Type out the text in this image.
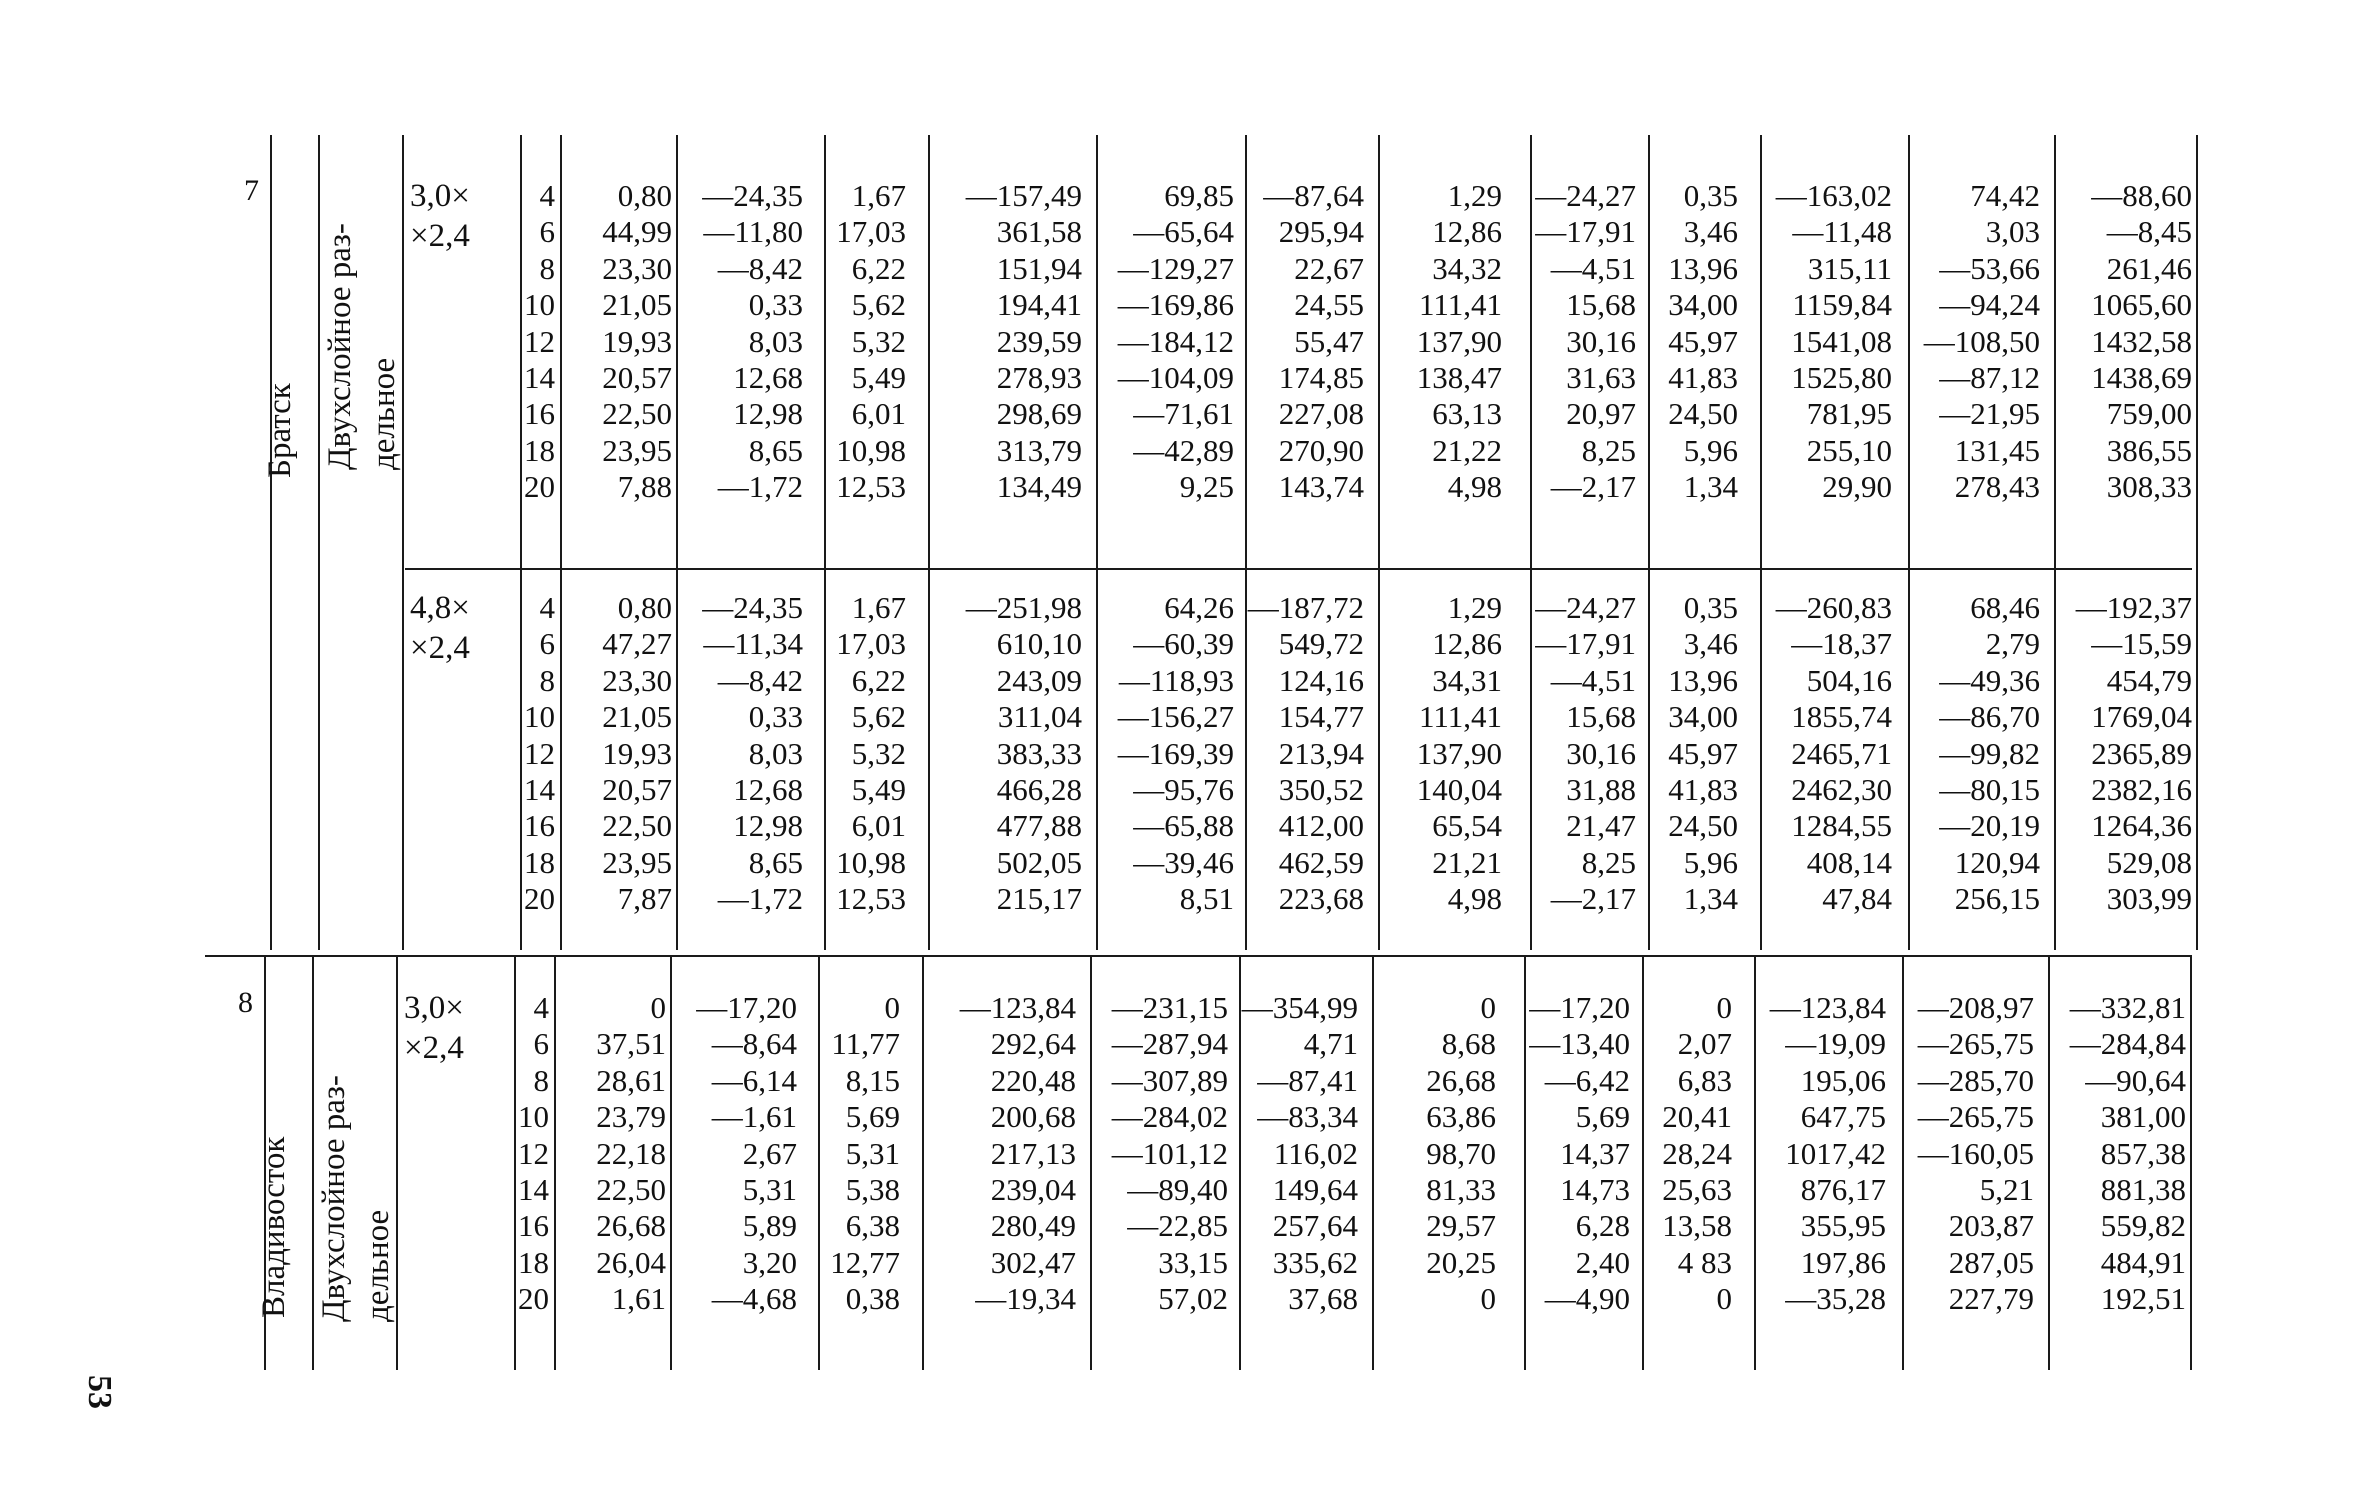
53
7
Братск Двухслойное раз- дельное
3,0×
×2,4
4
6
8
10
12
14
16
18
20
0,80
44,99
23,30
21,05
19,93
20,57
22,50
23,95
7,88
—24,35
—11,80
—8,42
0,33
8,03
12,68
12,98
8,65
—1,72
1,67
17,03
6,22
5,62
5,32
5,49
6,01
10,98
12,53
—157,49
361,58
151,94
194,41
239,59
278,93
298,69
313,79
134,49
69,85
—65,64
—129,27
—169,86
—184,12
—104,09
—71,61
—42,89
9,25
—87,64
295,94
22,67
24,55
55,47
174,85
227,08
270,90
143,74
1,29
12,86
34,32
111,41
137,90
138,47
63,13
21,22
4,98
—24,27
—17,91
—4,51
15,68
30,16
31,63
20,97
8,25
—2,17
0,35
3,46
13,96
34,00
45,97
41,83
24,50
5,96
1,34
—163,02
—11,48
315,11
1159,84
1541,08
1525,80
781,95
255,10
29,90
74,42
3,03
—53,66
—94,24
—108,50
—87,12
—21,95
131,45
278,43
—88,60
—8,45
261,46
1065,60
1432,58
1438,69
759,00
386,55
308,33
4,8×
×2,4
4
6
8
10
12
14
16
18
20
0,80
47,27
23,30
21,05
19,93
20,57
22,50
23,95
7,87
—24,35
—11,34
—8,42
0,33
8,03
12,68
12,98
8,65
—1,72
1,67
17,03
6,22
5,62
5,32
5,49
6,01
10,98
12,53
—251,98
610,10
243,09
311,04
383,33
466,28
477,88
502,05
215,17
64,26
—60,39
—118,93
—156,27
—169,39
—95,76
—65,88
—39,46
8,51
—187,72
549,72
124,16
154,77
213,94
350,52
412,00
462,59
223,68
1,29
12,86
34,31
111,41
137,90
140,04
65,54
21,21
4,98
—24,27
—17,91
—4,51
15,68
30,16
31,88
21,47
8,25
—2,17
0,35
3,46
13,96
34,00
45,97
41,83
24,50
5,96
1,34
—260,83
—18,37
504,16
1855,74
2465,71
2462,30
1284,55
408,14
47,84
68,46
2,79
—49,36
—86,70
—99,82
—80,15
—20,19
120,94
256,15
—192,37
—15,59
454,79
1769,04
2365,89
2382,16
1264,36
529,08
303,99
8
Владивосток Двухслойное раз- дельное
3,0×
×2,4
4
6
8
10
12
14
16
18
20
0
37,51
28,61
23,79
22,18
22,50
26,68
26,04
1,61
—17,20
—8,64
—6,14
—1,61
2,67
5,31
5,89
3,20
—4,68
0
11,77
8,15
5,69
5,31
5,38
6,38
12,77
0,38
—123,84
292,64
220,48
200,68
217,13
239,04
280,49
302,47
—19,34
—231,15
—287,94
—307,89
—284,02
—101,12
—89,40
—22,85
33,15
57,02
—354,99
4,71
—87,41
—83,34
116,02
149,64
257,64
335,62
37,68
0
8,68
26,68
63,86
98,70
81,33
29,57
20,25
0
—17,20
—13,40
—6,42
5,69
14,37
14,73
6,28
2,40
—4,90
0
2,07
6,83
20,41
28,24
25,63
13,58
4 83
0
—123,84
—19,09
195,06
647,75
1017,42
876,17
355,95
197,86
—35,28
—208,97
—265,75
—285,70
—265,75
—160,05
5,21
203,87
287,05
227,79
—332,81
—284,84
—90,64
381,00
857,38
881,38
559,82
484,91
192,51
